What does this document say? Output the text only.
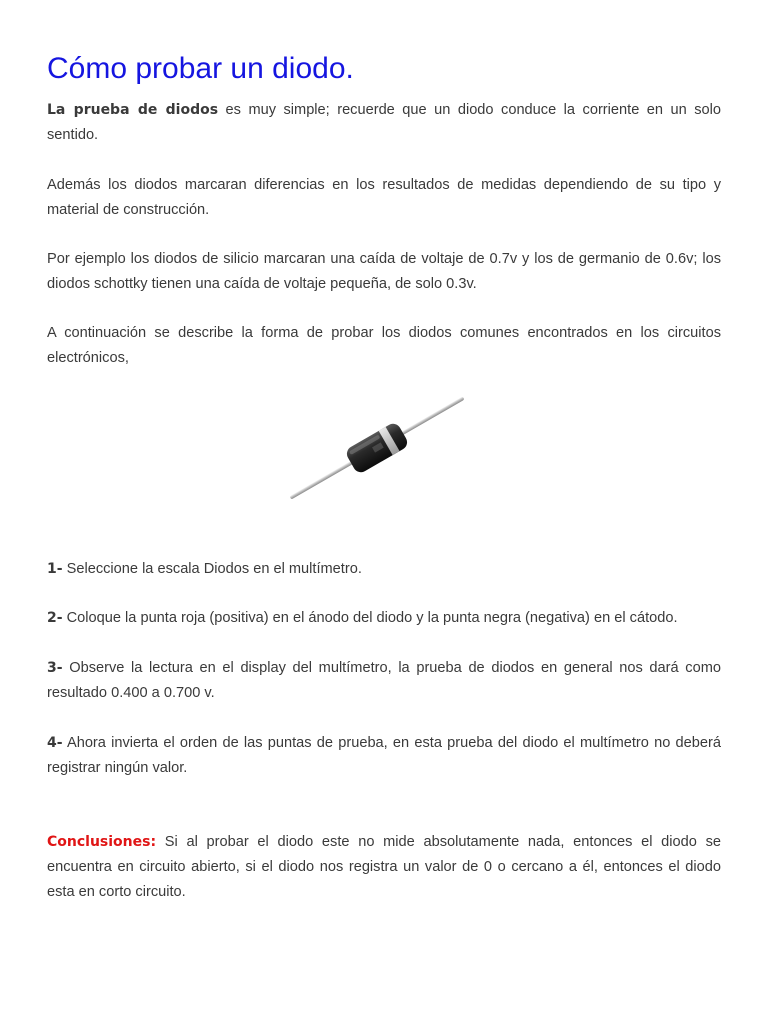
Cómo probar un diodo.

La prueba de diodos es muy simple; recuerde que un diodo conduce la corriente en un solo sentido.

Además los diodos marcaran diferencias en los resultados de medidas dependiendo de su tipo y material de construcción.

Por ejemplo los diodos de silicio marcaran una caída de voltaje de 0.7v y los de germanio de 0.6v; los diodos schottky tienen una caída de voltaje pequeña, de solo 0.3v.

A continuación se describe la forma de probar los diodos comunes encontrados en los circuitos electrónicos,

1- Seleccione la escala Diodos en el multímetro.

2- Coloque la punta roja (positiva) en el ánodo del diodo y la punta negra (negativa) en el cátodo.

3- Observe la lectura en el display del multímetro, la prueba de diodos en general nos dará como resultado 0.400 a 0.700 v.

4- Ahora invierta el orden de las puntas de prueba, en esta prueba del diodo el multímetro no deberá registrar ningún valor.

Conclusiones: Si al probar el diodo este no mide absolutamente nada, entonces el diodo se encuentra en circuito abierto, si el diodo nos registra un valor de 0 o cercano a él, entonces el diodo esta en corto circuito.
